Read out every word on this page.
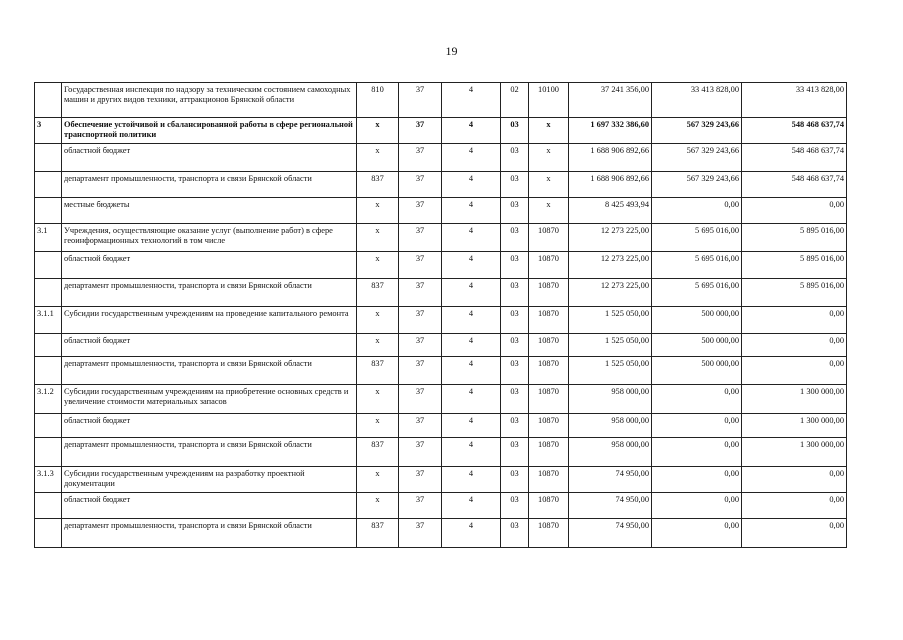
19
	Государственная инспекция по надзору за техническим состоянием самоходных машин и других видов техники, аттракционов Брянской области	810	37	4	02	10100	37 241 356,00	33 413 828,00	33 413 828,00
3	Обеспечение устойчивой и сбалансированной работы в сфере региональной транспортной политики	х	37	4	03	х	1 697 332 386,60	567 329 243,66	548 468 637,74
	областной бюджет	х	37	4	03	х	1 688 906 892,66	567 329 243,66	548 468 637,74
	департамент промышленности, транспорта и связи Брянской области	837	37	4	03	х	1 688 906 892,66	567 329 243,66	548 468 637,74
	местные бюджеты	х	37	4	03	х	8 425 493,94	0,00	0,00
3.1	Учреждения, осуществляющие оказание услуг (выполнение работ) в сфере геоинформационных технологий в том числе	х	37	4	03	10870	12 273 225,00	5 695 016,00	5 895 016,00
	областной бюджет	х	37	4	03	10870	12 273 225,00	5 695 016,00	5 895 016,00
	департамент промышленности, транспорта и связи Брянской области	837	37	4	03	10870	12 273 225,00	5 695 016,00	5 895 016,00
3.1.1	Субсидии государственным учреждениям на проведение капитального ремонта	х	37	4	03	10870	1 525 050,00	500 000,00	0,00
	областной бюджет	х	37	4	03	10870	1 525 050,00	500 000,00	0,00
	департамент промышленности, транспорта и связи Брянской области	837	37	4	03	10870	1 525 050,00	500 000,00	0,00
3.1.2	Субсидии государственным учреждениям на приобретение основных средств и увеличение стоимости материальных запасов	х	37	4	03	10870	958 000,00	0,00	1 300 000,00
	областной бюджет	х	37	4	03	10870	958 000,00	0,00	1 300 000,00
	департамент промышленности, транспорта и связи Брянской области	837	37	4	03	10870	958 000,00	0,00	1 300 000,00
3.1.3	Субсидии государственным учреждениям на разработку проектной документации	х	37	4	03	10870	74 950,00	0,00	0,00
	областной бюджет	х	37	4	03	10870	74 950,00	0,00	0,00
	департамент промышленности, транспорта и связи Брянской области	837	37	4	03	10870	74 950,00	0,00	0,00
